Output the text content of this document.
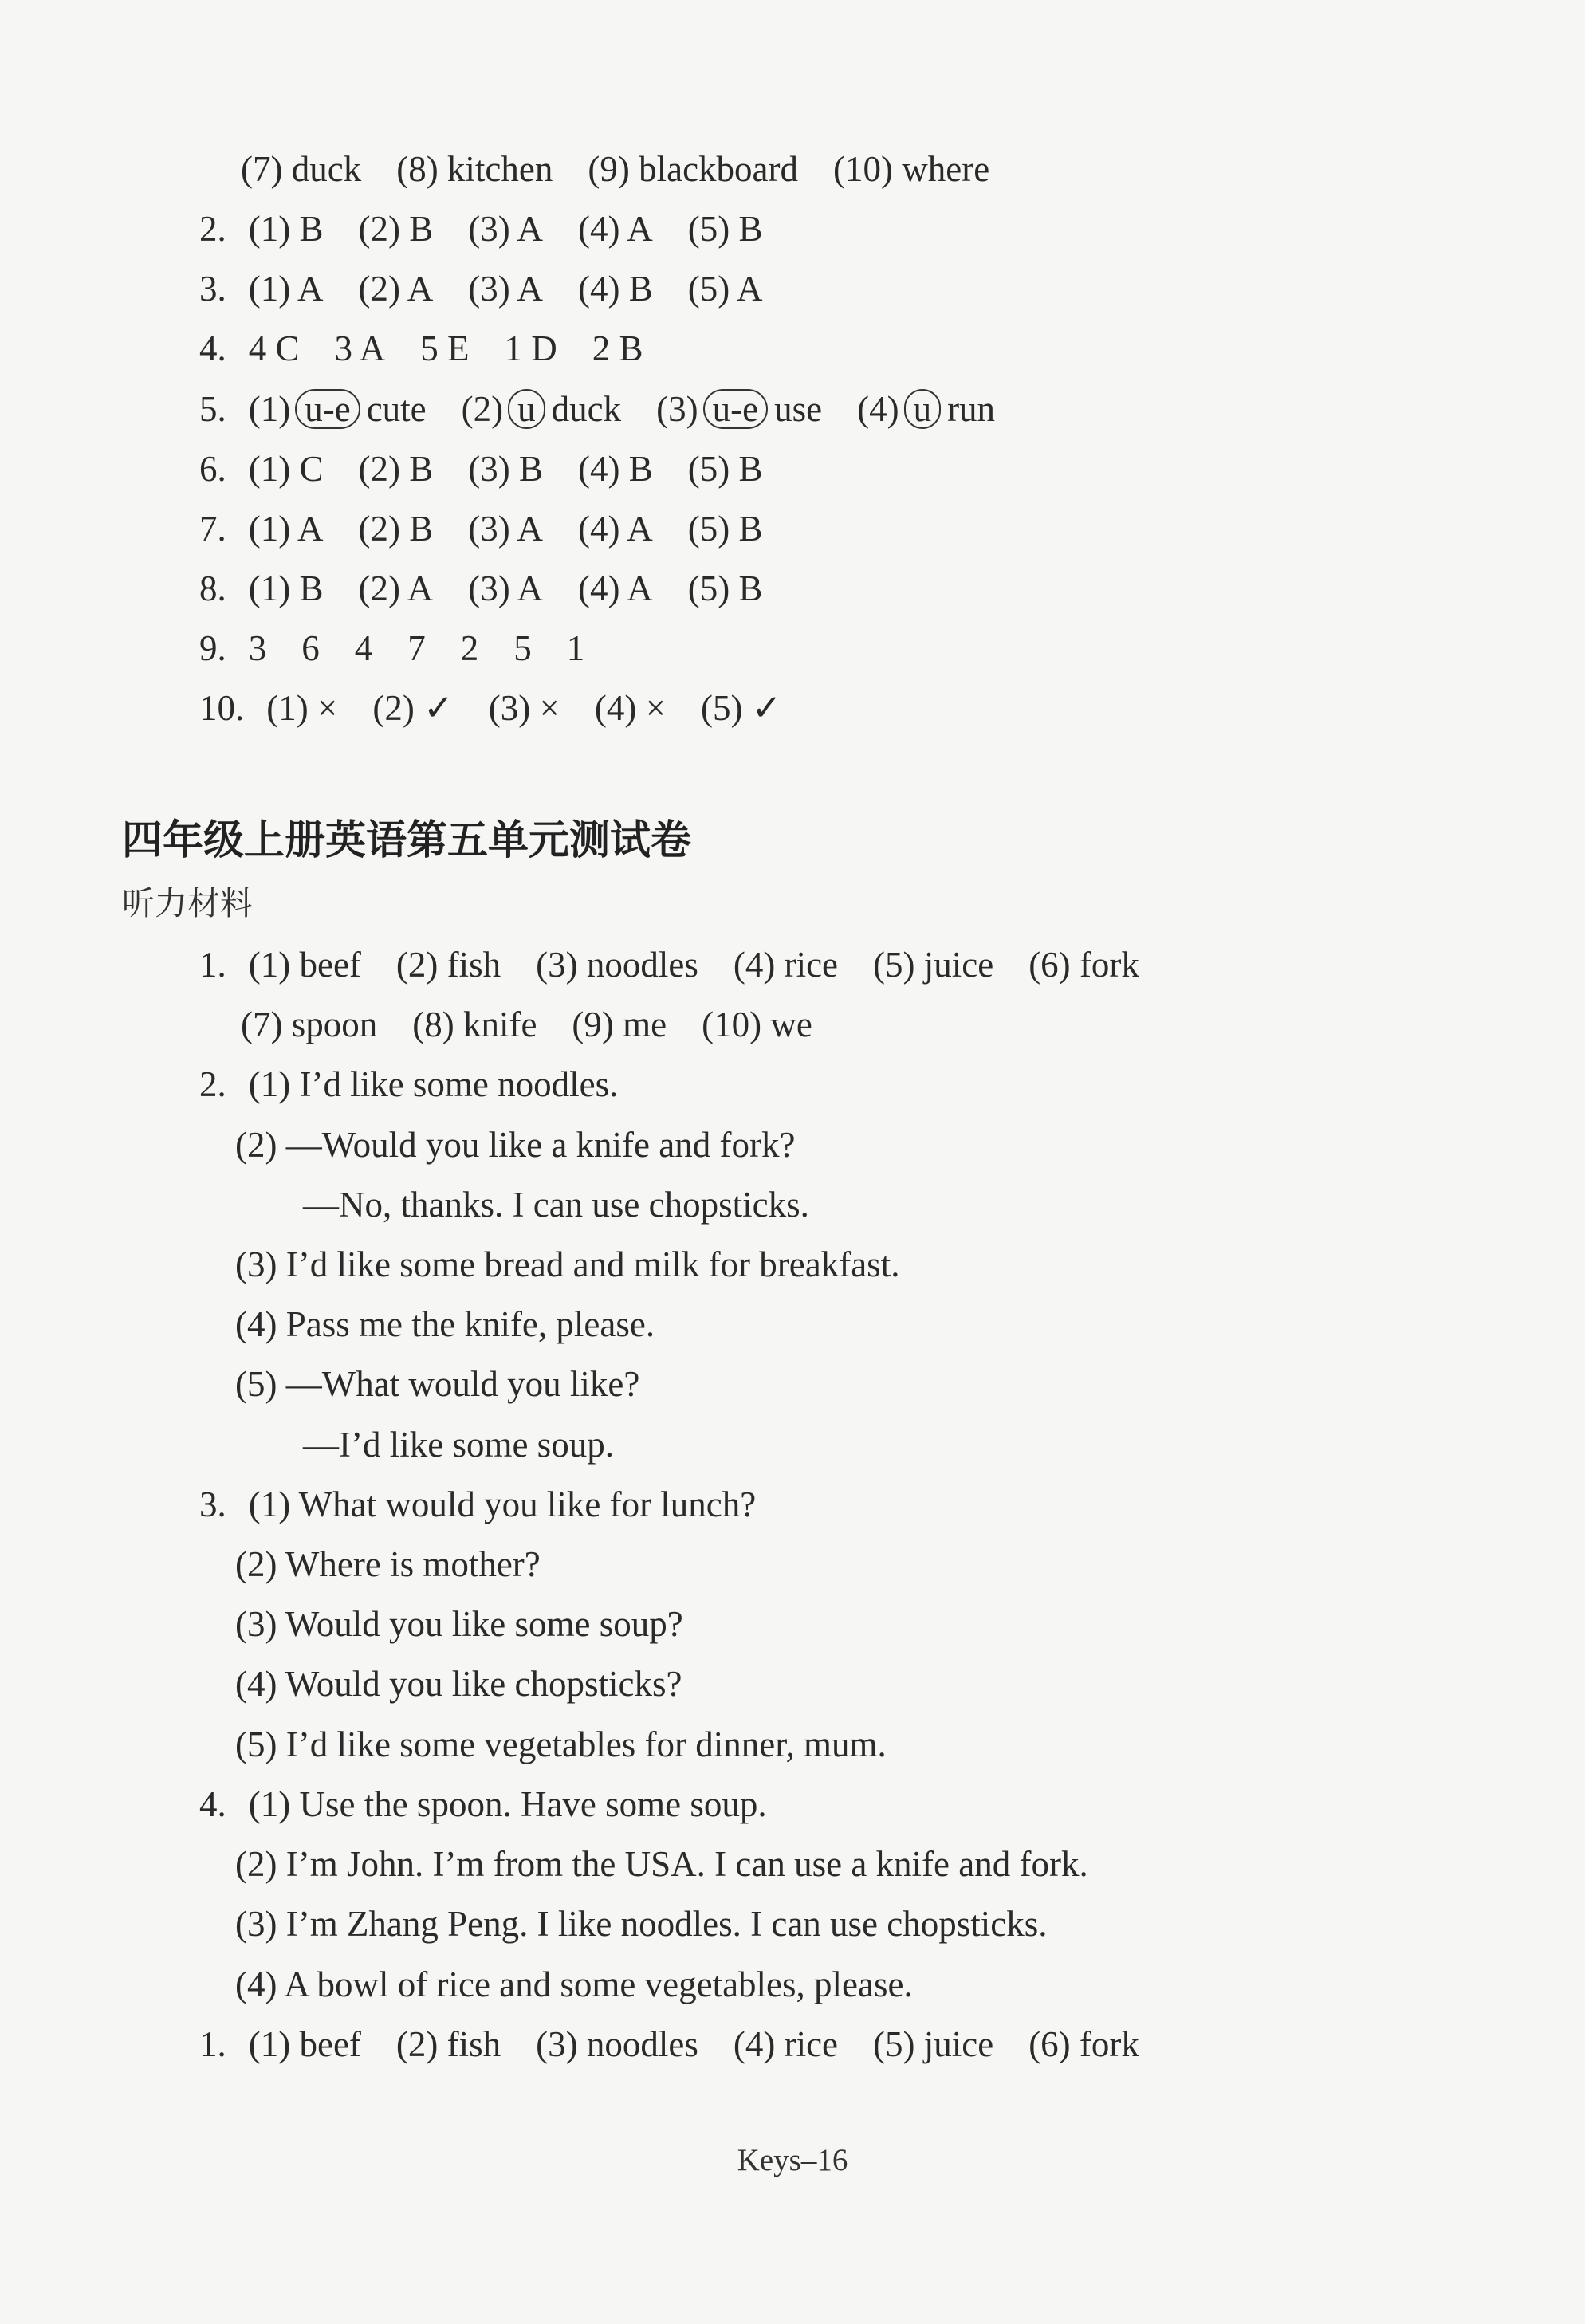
(7) duck (8) kitchen (9) blackboard (10) where
2. (1) B (2) B (3) A (4) A (5) B
3. (1) A (2) A (3) A (4) B (5) A
4. 4 C 3 A 5 E 1 D 2 B
5. (1) u-e cute (2) u duck (3) u-e use (4) u run
6. (1) C (2) B (3) B (4) B (5) B
7. (1) A (2) B (3) A (4) A (5) B
8. (1) B (2) A (3) A (4) A (5) B
9. 3 6 4 7 2 5 1
10. (1) × (2) ✓ (3) × (4) × (5) ✓
四年级上册英语第五单元测试卷
听力材料
1. (1) beef (2) fish (3) noodles (4) rice (5) juice (6) fork
(7) spoon (8) knife (9) me (10) we
2. (1) I’d like some noodles.
(2) —Would you like a knife and fork?
—No, thanks. I can use chopsticks.
(3) I’d like some bread and milk for breakfast.
(4) Pass me the knife, please.
(5) —What would you like?
—I’d like some soup.
3. (1) What would you like for lunch?
(2) Where is mother?
(3) Would you like some soup?
(4) Would you like chopsticks?
(5) I’d like some vegetables for dinner, mum.
4. (1) Use the spoon. Have some soup.
(2) I’m John. I’m from the USA. I can use a knife and fork.
(3) I’m Zhang Peng. I like noodles. I can use chopsticks.
(4) A bowl of rice and some vegetables, please.
1. (1) beef (2) fish (3) noodles (4) rice (5) juice (6) fork
Keys–16
